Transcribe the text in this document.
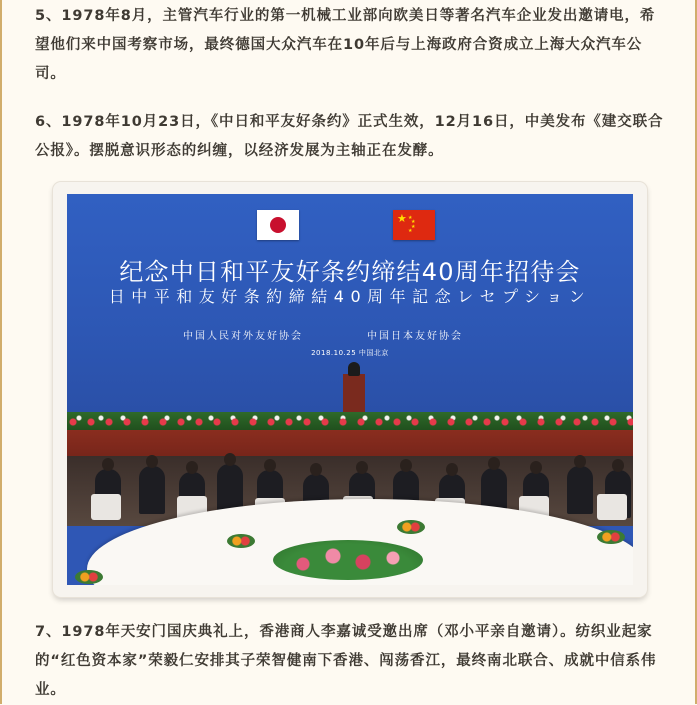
5、1978年8月，主管汽车行业的第一机械工业部向欧美日等著名汽车企业发出邀请电，希望他们来中国考察市场，最终德国大众汽车在10年后与上海政府合资成立上海大众汽车公司。

6、1978年10月23日，《中日和平友好条约》正式生效，12月16日，中美发布《建交联合公报》。摆脱意识形态的纠缠，以经济发展为主轴正在发酵。

★ ★
★
★
★
纪念中日和平友好条约缔结40周年招待会
日中平和友好条約締結40周年記念レセプション
中国人民对外友好协会	中国日本友好协会
2018.10.25 中国北京

7、1978年天安门国庆典礼上，香港商人李嘉诚受邀出席（邓小平亲自邀请）。纺织业起家的“红色资本家”荣毅仁安排其子荣智健南下香港、闯荡香江，最终南北联合、成就中信系伟业。
